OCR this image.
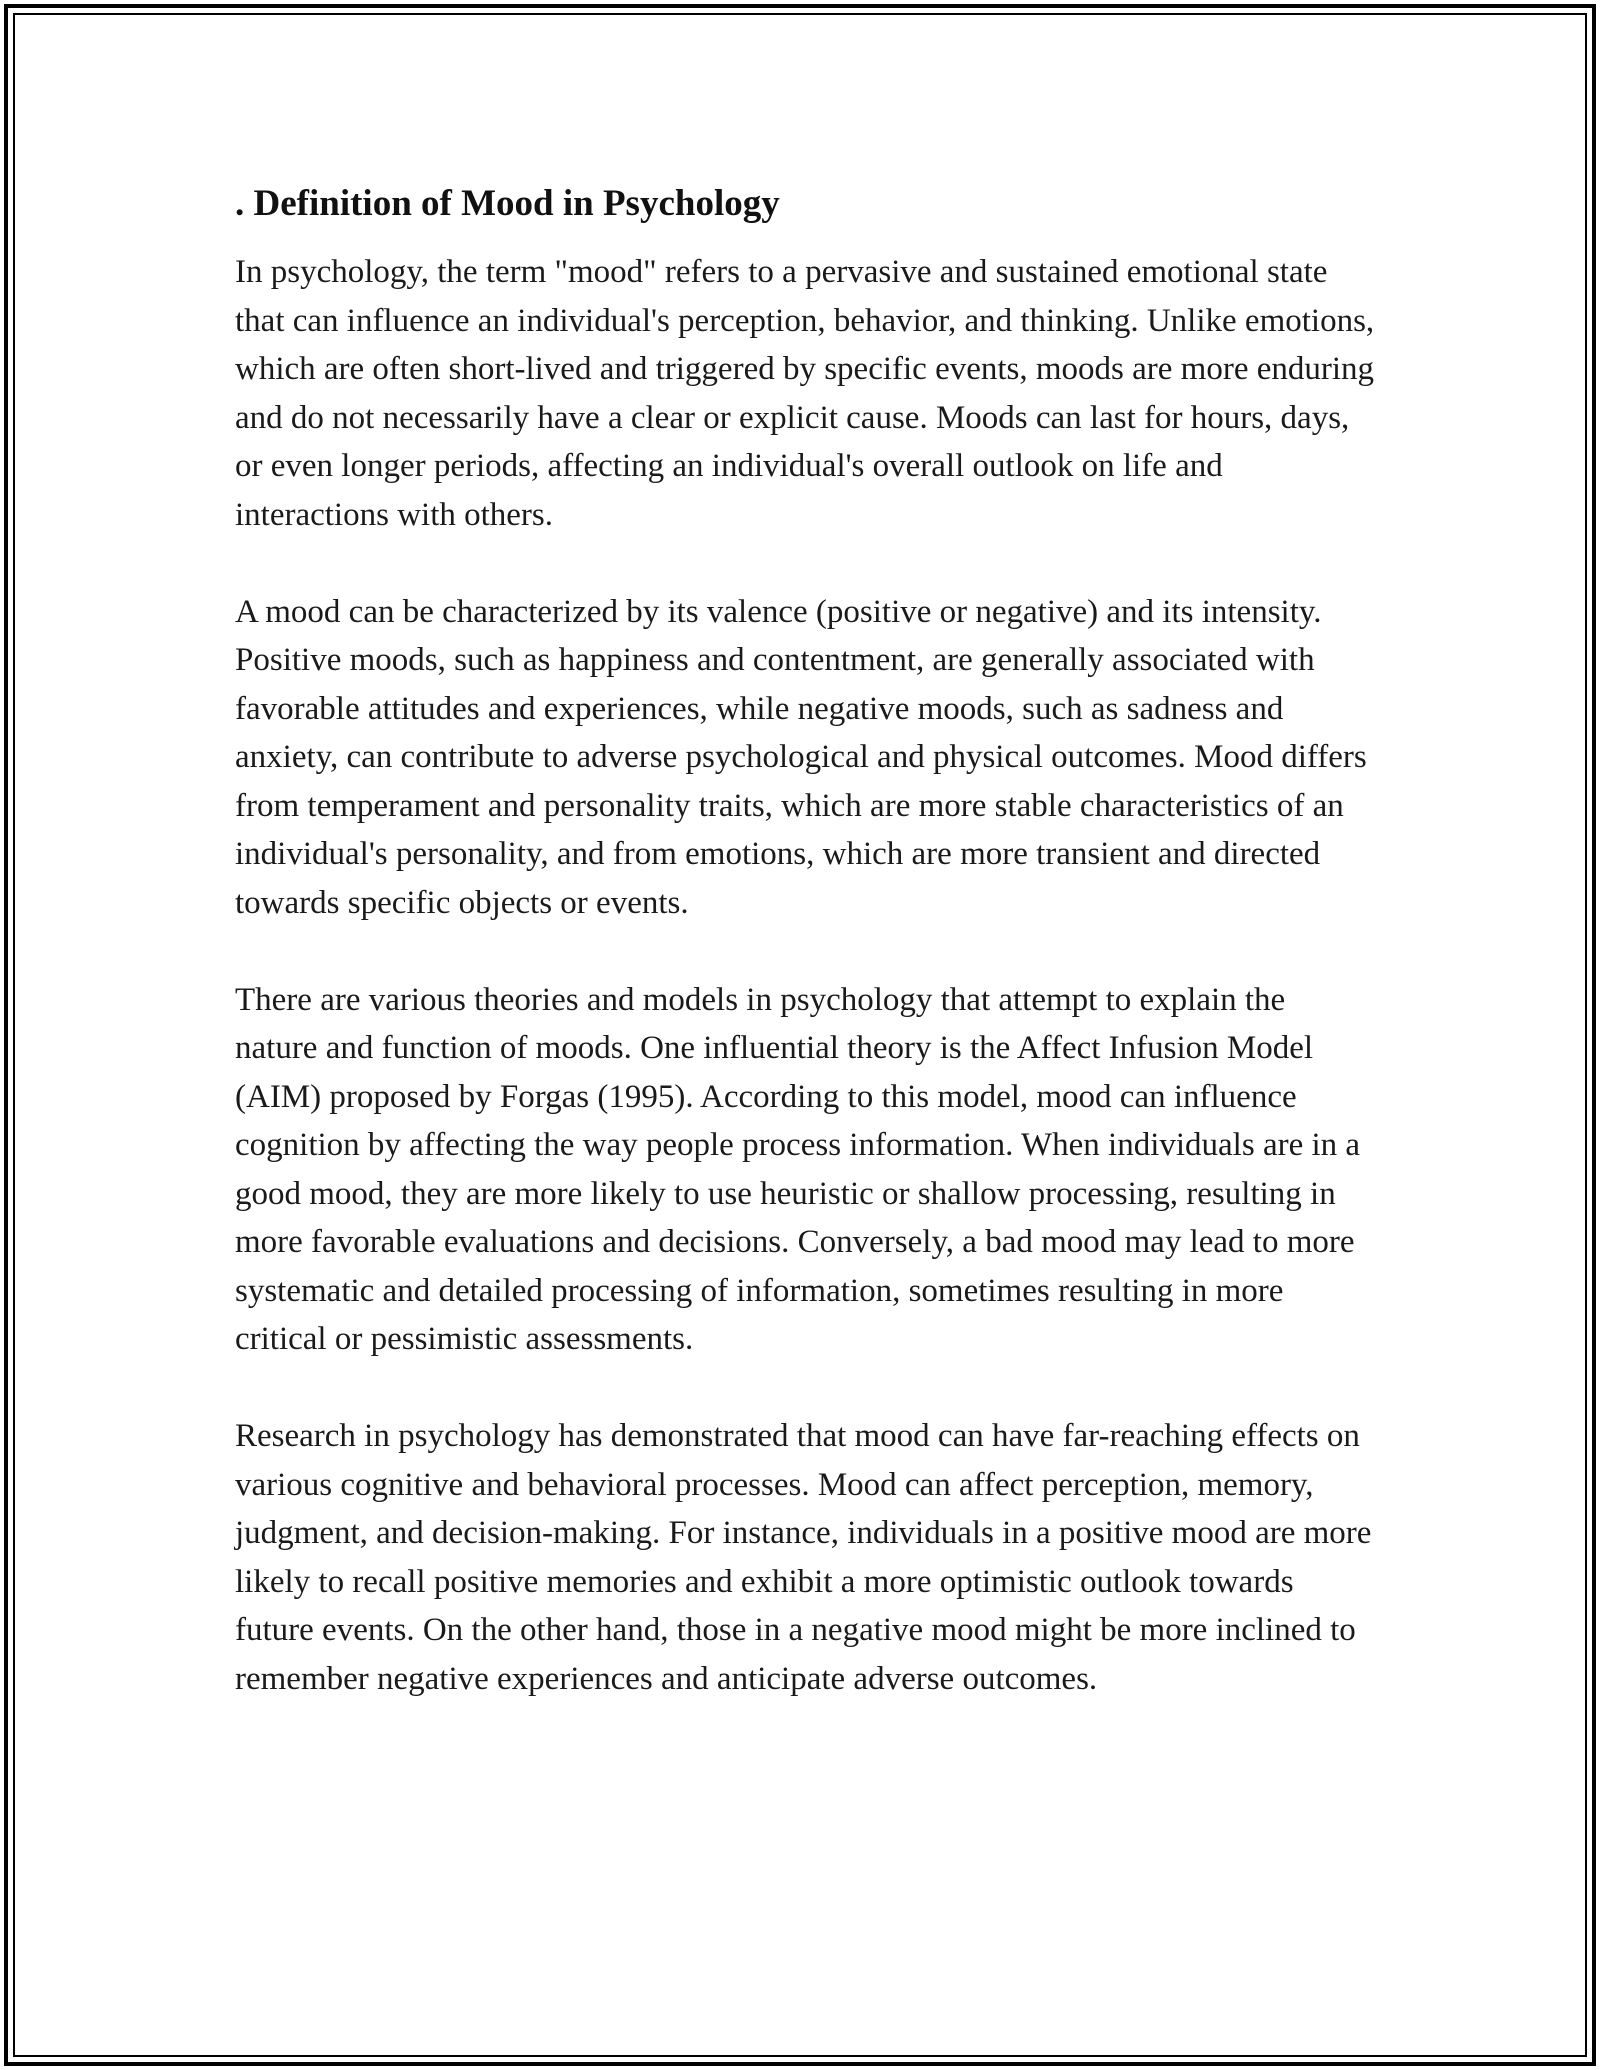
. Definition of Mood in Psychology

In psychology, the term "mood" refers to a pervasive and sustained emotional state that can influence an individual's perception, behavior, and thinking. Unlike emotions, which are often short-lived and triggered by specific events, moods are more enduring and do not necessarily have a clear or explicit cause. Moods can last for hours, days, or even longer periods, affecting an individual's overall outlook on life and interactions with others.

A mood can be characterized by its valence (positive or negative) and its intensity. Positive moods, such as happiness and contentment, are generally associated with favorable attitudes and experiences, while negative moods, such as sadness and anxiety, can contribute to adverse psychological and physical outcomes. Mood differs from temperament and personality traits, which are more stable characteristics of an individual's personality, and from emotions, which are more transient and directed towards specific objects or events.

There are various theories and models in psychology that attempt to explain the nature and function of moods. One influential theory is the Affect Infusion Model (AIM) proposed by Forgas (1995). According to this model, mood can influence cognition by affecting the way people process information. When individuals are in a good mood, they are more likely to use heuristic or shallow processing, resulting in more favorable evaluations and decisions. Conversely, a bad mood may lead to more systematic and detailed processing of information, sometimes resulting in more critical or pessimistic assessments.

Research in psychology has demonstrated that mood can have far-reaching effects on various cognitive and behavioral processes. Mood can affect perception, memory, judgment, and decision-making. For instance, individuals in a positive mood are more likely to recall positive memories and exhibit a more optimistic outlook towards future events. On the other hand, those in a negative mood might be more inclined to remember negative experiences and anticipate adverse outcomes.
